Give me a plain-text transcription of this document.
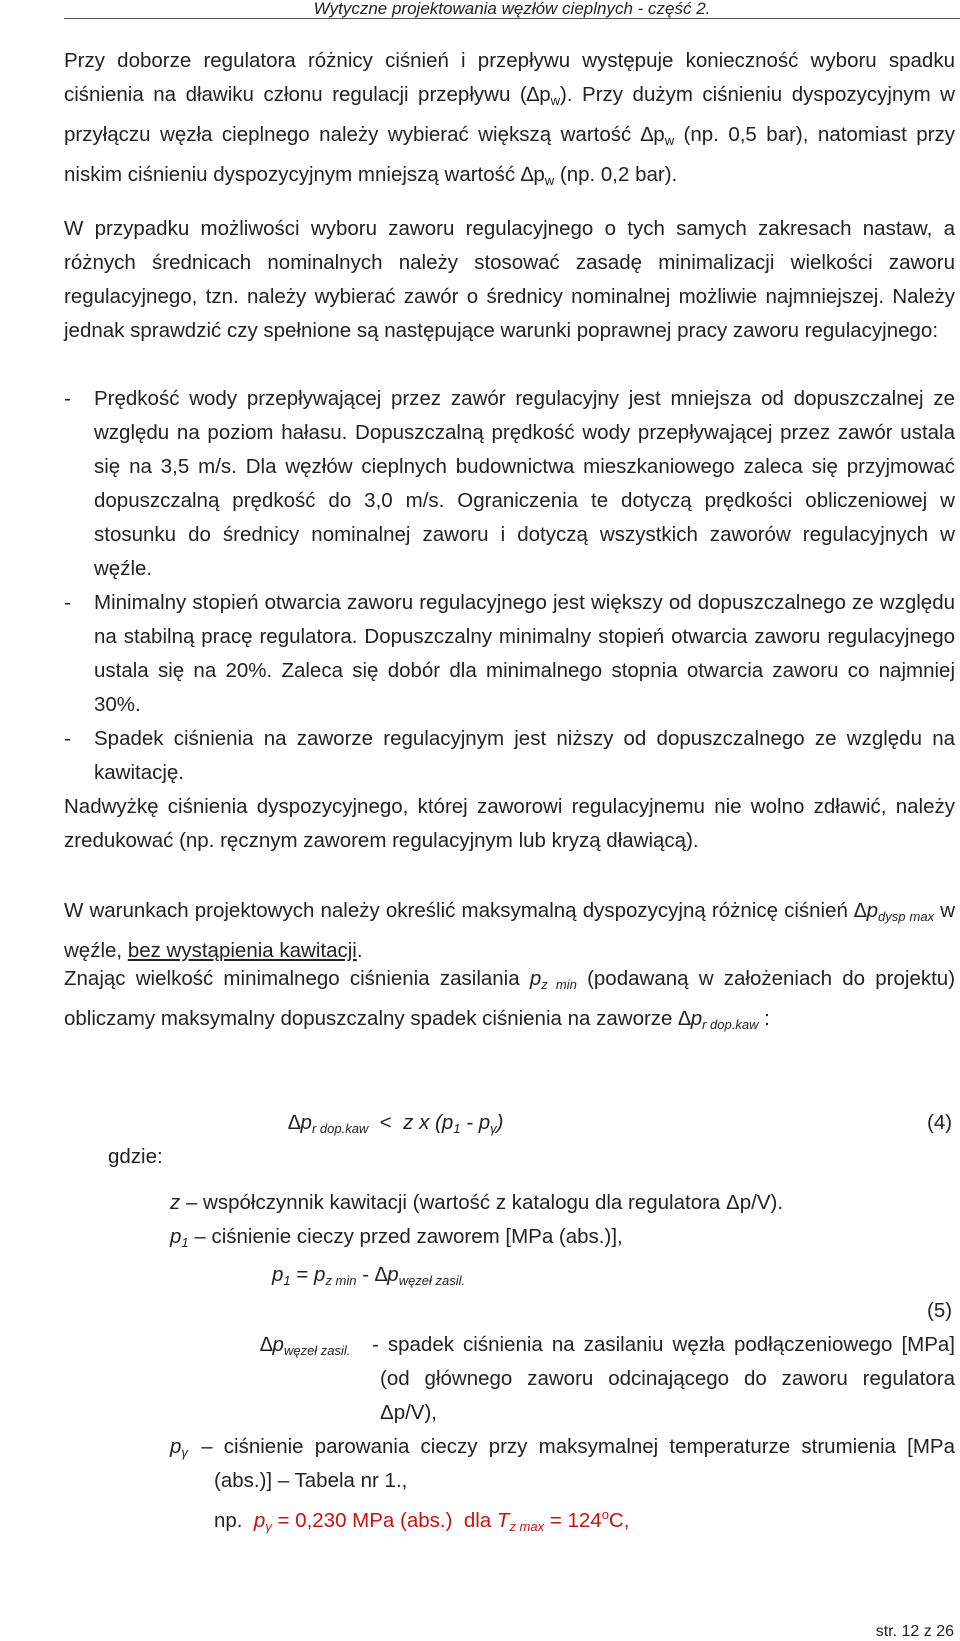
Wytyczne projektowania węzłów cieplnych - część 2.

Przy doborze regulatora różnicy ciśnień i przepływu występuje konieczność wyboru spadku ciśnienia na dławiku członu regulacji przepływu $(\Delta p_w)$. Przy dużym ciśnieniu dyspozycyjnym w przyłączu węzła cieplnego należy wybierać większą wartość $\Delta p_w$ (np. 0,5 bar), natomiast przy niskim ciśnieniu dyspozycyjnym mniejszą wartość $\Delta p_w$ (np. 0,2 bar).

W przypadku możliwości wyboru zaworu regulacyjnego o tych samych zakresach nastaw, a różnych średnicach nominalnych należy stosować zasadę minimalizacji wielkości zaworu regulacyjnego, tzn. należy wybierać zawór o średnicy nominalnej możliwie najmniejszej. Należy jednak sprawdzić czy spełnione są następujące warunki poprawnej pracy zaworu regulacyjnego:

- Prędkość wody przepływającej przez zawór regulacyjny jest mniejsza od dopuszczalnej ze względu na poziom hałasu. Dopuszczalną prędkość wody przepływającej przez zawór ustala się na 3,5 m/s. Dla węzłów cieplnych budownictwa mieszkaniowego zaleca się przyjmować dopuszczalną prędkość do 3,0 m/s. Ograniczenia te dotyczą prędkości obliczeniowej w stosunku do średnicy nominalnej zaworu i dotyczą wszystkich zaworów regulacyjnych w węźle.

- Minimalny stopień otwarcia zaworu regulacyjnego jest większy od dopuszczalnego ze względu na stabilną pracę regulatora. Dopuszczalny minimalny stopień otwarcia zaworu regulacyjnego ustala się na 20%. Zaleca się dobór dla minimalnego stopnia otwarcia zaworu co najmniej 30%.

- Spadek ciśnienia na zaworze regulacyjnym jest niższy od dopuszczalnego ze względu na kawitację.

Nadwyżkę ciśnienia dyspozycyjnego, której zaworowi regulacyjnemu nie wolno zdławić, należy zredukować (np. ręcznym zaworem regulacyjnym lub kryzą dławiącą).

W warunkach projektowych należy określić maksymalną dyspozycyjną różnicę ciśnień ∆pdysp max w węźle, bez wystąpienia kawitacji.

Znając wielkość minimalnego ciśnienia zasilania pz min (podawaną w założeniach do projektu) obliczamy maksymalny dopuszczalny spadek ciśnienia na zaworze ∆pr dop.kaw :

∆pr dop.kaw < z x (p1 - pγ)	(4)
gdzie:
z – współczynnik kawitacji (wartość z katalogu dla regulatora Δp/V).
p1 – ciśnienie cieczy przed zaworem [MPa (abs.)],
p1 = pz min - ∆pwęzeł zasil.
(5)
∆pwęzeł zasil. - spadek ciśnienia na zasilaniu węzła podłączeniowego [MPa] (od głównego zaworu odcinającego do zaworu regulatora Δp/V),

pγ – ciśnienie parowania cieczy przy maksymalnej temperaturze strumienia [MPa (abs.)] – Tabela nr 1.,

np. pγ = 0,230 MPa (abs.) dla Tz $\max = 124^oC$,
str. 12 z 26
